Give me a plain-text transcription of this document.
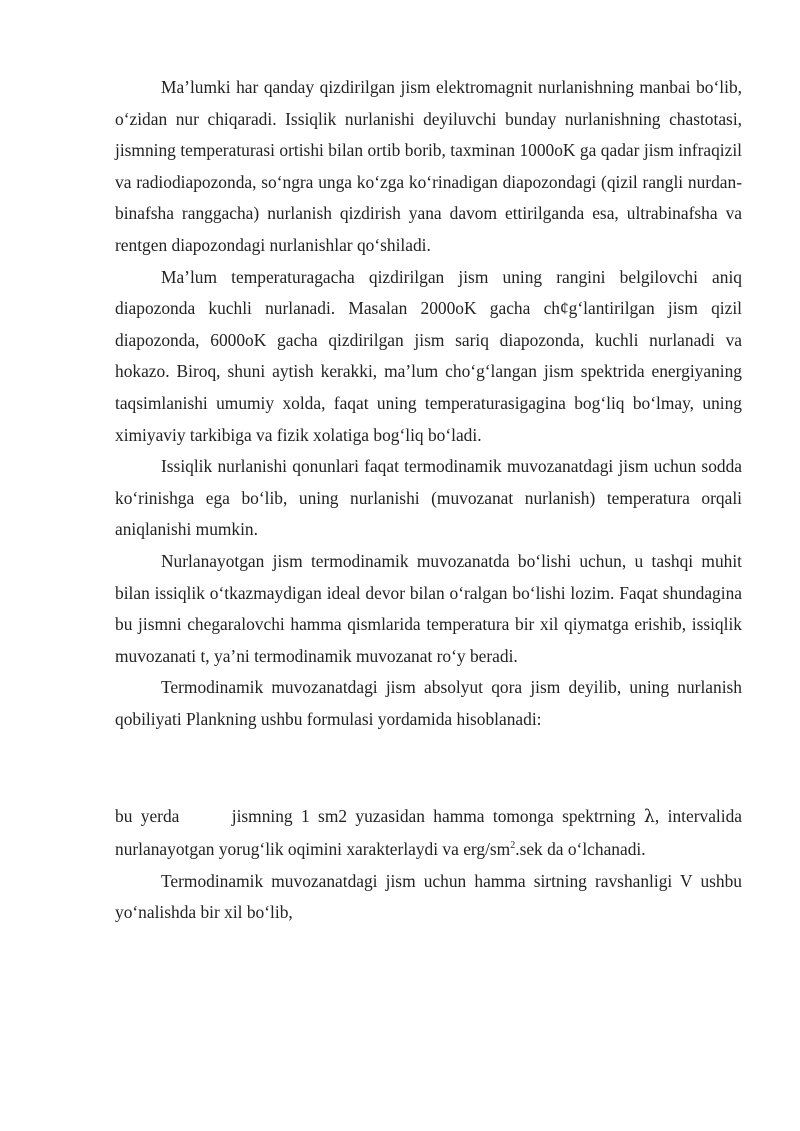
Ma’lumki har qanday qizdirilgan jism elektromagnit nurlanishning manbai bo‘lib, o‘zidan nur chiqaradi. Issiqlik nurlanishi deyiluvchi bunday nurlanishning chastotasi, jismning temperaturasi ortishi bilan ortib borib, taxminan 1000oK ga qadar jism infraqizil va radiodiapozonda, so‘ngra unga ko‘zga ko‘rinadigan diapozondagi (qizil rangli nurdan-binafsha ranggacha) nurlanish qizdirish yana davom ettirilganda esa, ultrabinafsha va rentgen diapozondagi nurlanishlar qo‘shiladi.

Ma’lum temperaturagacha qizdirilgan jism uning rangini belgilovchi aniq diapozonda kuchli nurlanadi. Masalan 2000oK gacha ch¢g‘lantirilgan jism qizil diapozonda, 6000oK gacha qizdirilgan jism sariq diapozonda, kuchli nurlanadi va hokazo. Biroq, shuni aytish kerakki, ma’lum cho‘g‘langan jism spektrida energiyaning taqsimlanishi umumiy xolda, faqat uning temperaturasigagina bog‘liq bo‘lmay, uning ximiyaviy tarkibiga va fizik xolatiga bog‘liq bo‘ladi.

Issiqlik nurlanishi qonunlari faqat termodinamik muvozanatdagi jism uchun sodda ko‘rinishga ega bo‘lib, uning nurlanishi (muvozanat nurlanish) temperatura orqali aniqlanishi mumkin.

Nurlanayotgan jism termodinamik muvozanatda bo‘lishi uchun, u tashqi muhit bilan issiqlik o‘tkazmaydigan ideal devor bilan o‘ralgan bo‘lishi lozim. Faqat shundagina bu jismni chegaralovchi hamma qismlarida temperatura bir xil qiymatga erishib, issiqlik muvozanati t, ya’ni termodinamik muvozanat ro‘y beradi.

Termodinamik muvozanatdagi jism absolyut qora jism deyilib, uning nurlanish qobiliyati Plankning ushbu formulasi yordamida hisoblanadi:

bu yerda	jismning 1 sm2 yuzasidan hamma tomonga spektrning λ, intervalida nurlanayotgan yorug‘lik oqimini xarakterlaydi va erg/$sm^2.sek$ da o‘lchanadi.

Termodinamik muvozanatdagi jism uchun hamma sirtning ravshanligi V ushbu yo‘nalishda bir xil bo‘lib,
